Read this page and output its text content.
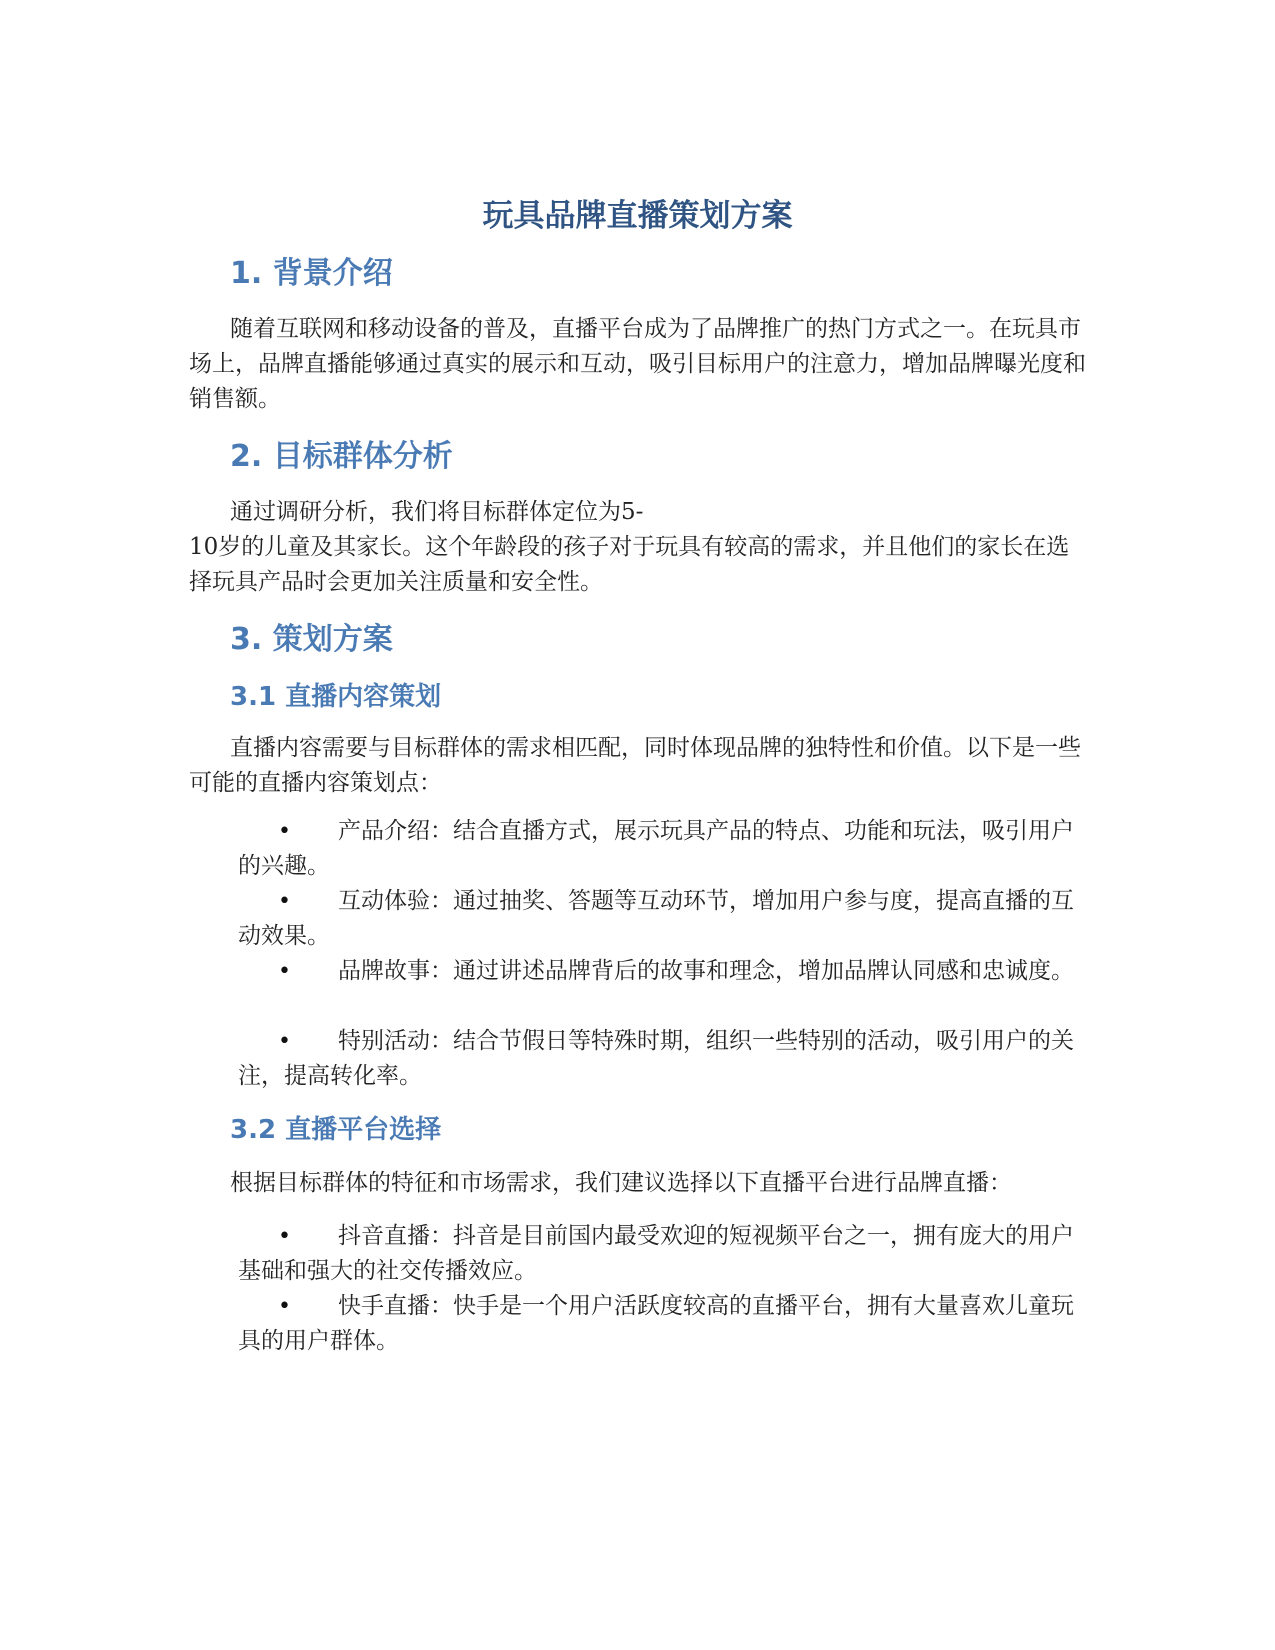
玩具品牌直播策划方案
1. 背景介绍

随着互联网和移动设备的普及，直播平台成为了品牌推广的热门方式之一。在玩具市场上，品牌直播能够通过真实的展示和互动，吸引目标用户的注意力，增加品牌曝光度和销售额。

2. 目标群体分析
通过调研分析，我们将目标群体定位为5-
10岁的儿童及其家长。这个年龄段的孩子对于玩具有较高的需求，并且他们的家长在选择玩具产品时会更加关注质量和安全性。
3. 策划方案
3.1 直播内容策划

直播内容需要与目标群体的需求相匹配，同时体现品牌的独特性和价值。以下是一些可能的直播内容策划点：

• 产品介绍：结合直播方式，展示玩具产品的特点、功能和玩法，吸引用户的兴趣。
• 互动体验：通过抽奖、答题等互动环节，增加用户参与度，提高直播的互动效果。
• 品牌故事：通过讲述品牌背后的故事和理念，增加品牌认同感和忠诚度。
• 特别活动：结合节假日等特殊时期，组织一些特别的活动，吸引用户的关注，提高转化率。
3.2 直播平台选择

根据目标群体的特征和市场需求，我们建议选择以下直播平台进行品牌直播：

• 抖音直播：抖音是目前国内最受欢迎的短视频平台之一，拥有庞大的用户基础和强大的社交传播效应。
• 快手直播：快手是一个用户活跃度较高的直播平台，拥有大量喜欢儿童玩具的用户群体。
